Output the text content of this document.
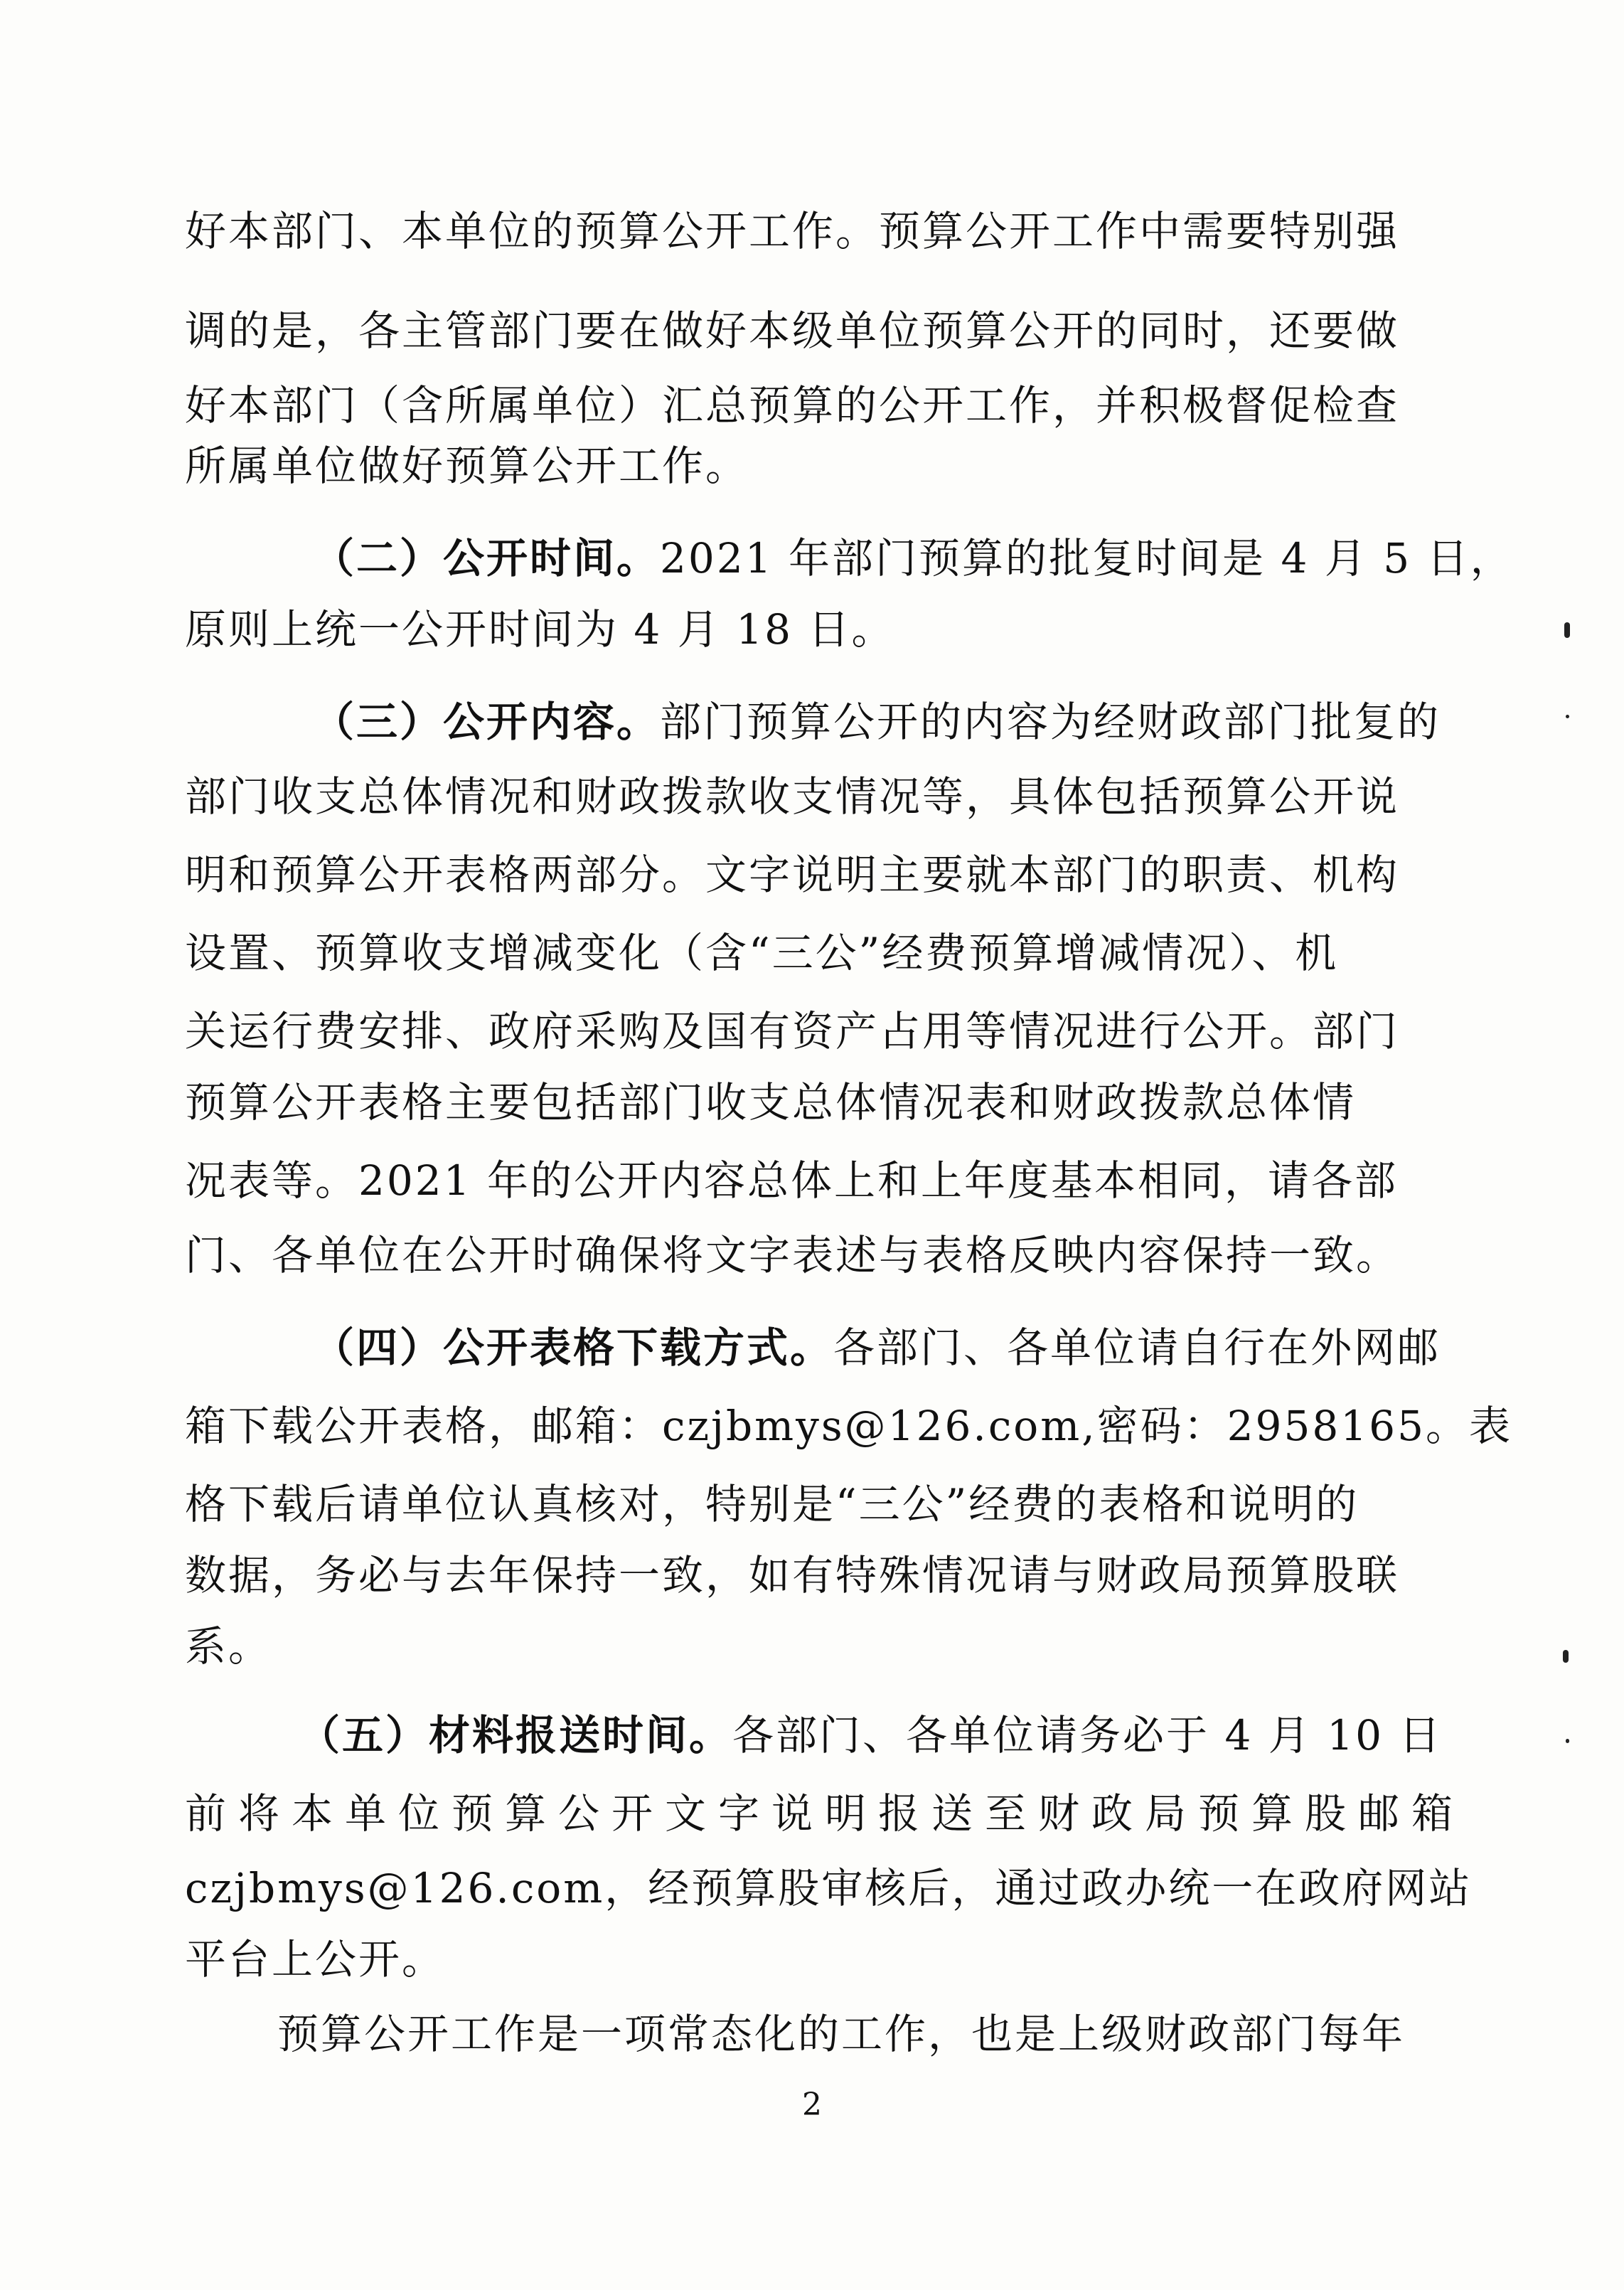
好本部门、本单位的预算公开工作。预算公开工作中需要特别强
调的是，各主管部门要在做好本级单位预算公开的同时，还要做
好本部门（含所属单位）汇总预算的公开工作，并积极督促检查
所属单位做好预算公开工作。
（二）公开时间。2021 年部门预算的批复时间是 4 月 5 日，
原则上统一公开时间为 4 月 18 日。
（三）公开内容。部门预算公开的内容为经财政部门批复的
部门收支总体情况和财政拨款收支情况等，具体包括预算公开说
明和预算公开表格两部分。文字说明主要就本部门的职责、机构
设置、预算收支增减变化（含“三公”经费预算增减情况）、机
关运行费安排、政府采购及国有资产占用等情况进行公开。部门
预算公开表格主要包括部门收支总体情况表和财政拨款总体情
况表等。2021 年的公开内容总体上和上年度基本相同，请各部
门、各单位在公开时确保将文字表述与表格反映内容保持一致。
（四）公开表格下载方式。各部门、各单位请自行在外网邮
箱下载公开表格，邮箱：czjbmys@126.com,密码：2958165。表
格下载后请单位认真核对，特别是“三公”经费的表格和说明的
数据，务必与去年保持一致，如有特殊情况请与财政局预算股联
系。
（五）材料报送时间。各部门、各单位请务必于 4 月 10 日
前将本单位预算公开文字说明报送至财政局预算股邮箱
czjbmys@126.com，经预算股审核后，通过政办统一在政府网站
平台上公开。
预算公开工作是一项常态化的工作，也是上级财政部门每年
2
